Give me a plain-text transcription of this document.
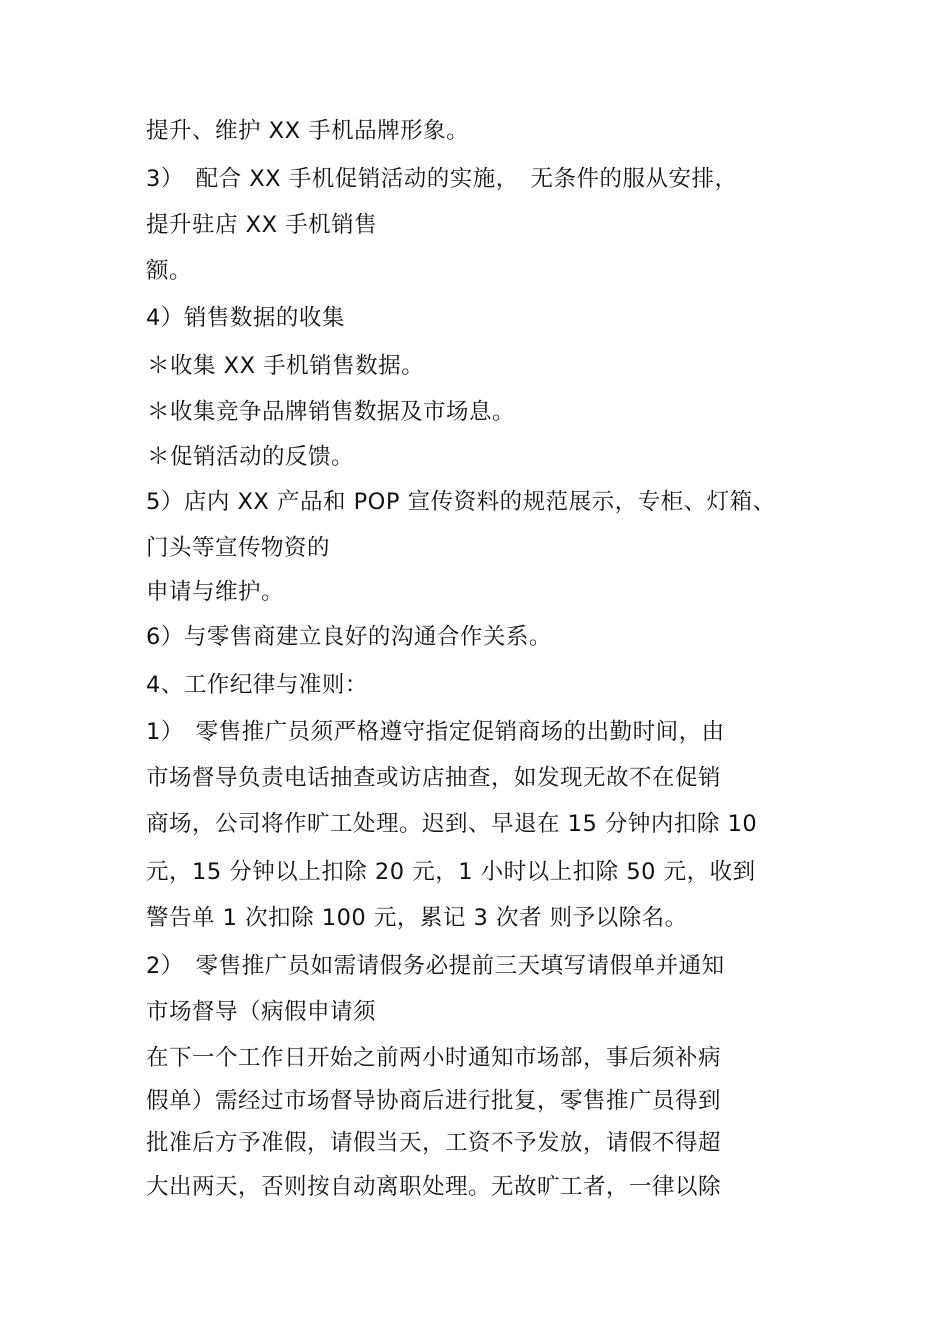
提升、维护 XX 手机品牌形象。
3）　配合 XX 手机促销活动的实施，　无条件的服从安排，
提升驻店 XX 手机销售
额。
4）销售数据的收集
＊收集 XX 手机销售数据。
＊收集竞争品牌销售数据及市场息。
＊促销活动的反馈。
5）店内 XX 产品和 POP 宣传资料的规范展示，专柜、灯箱、
门头等宣传物资的
申请与维护。
6）与零售商建立良好的沟通合作关系。
4、工作纪律与准则：
1）　零售推广员须严格遵守指定促销商场的出勤时间，由
市场督导负责电话抽查或访店抽查，如发现无故不在促销
商场，公司将作旷工处理。迟到、早退在 15 分钟内扣除 10
元，15 分钟以上扣除 20 元，1 小时以上扣除 50 元，收到
警告单 1 次扣除 100 元，累记 3 次者 则予以除名。
2）　零售推广员如需请假务必提前三天填写请假单并通知
市场督导（病假申请须
在下一个工作日开始之前两小时通知市场部，事后须补病
假单）需经过市场督导协商后进行批复，零售推广员得到
批准后方予准假，请假当天，工资不予发放，请假不得超
大出两天，否则按自动离职处理。无故旷工者，一律以除
